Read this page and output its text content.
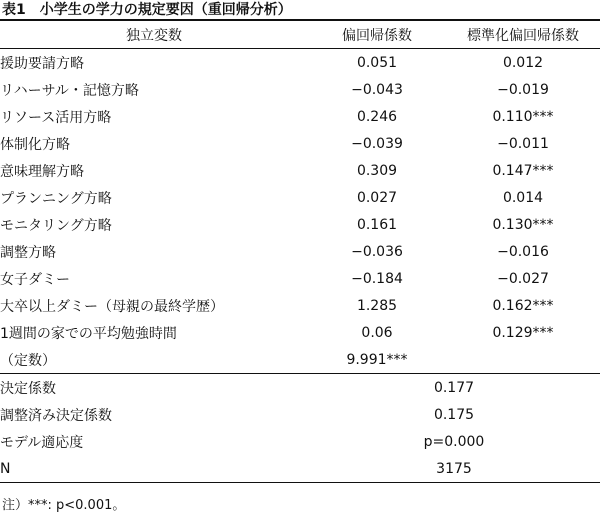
表1　小学生の学力の規定要因（重回帰分析）
独立変数	偏回帰係数	標準化偏回帰係数
援助要請方略	0.051	0.012
リハーサル・記憶方略	−0.043	−0.019
リソース活用方略	0.246	0.110***
体制化方略	−0.039	−0.011
意味理解方略	0.309	0.147***
プランニング方略	0.027	0.014
モニタリング方略	0.161	0.130***
調整方略	−0.036	−0.016
女子ダミー	−0.184	−0.027
大卒以上ダミー（母親の最終学歴）	1.285	0.162***
1週間の家での平均勉強時間	0.06	0.129***
（定数）	9.991***	
決定係数	0.177	
調整済み決定係数	0.175	
モデル適応度	p=0.000	
N	3175	
注）***: p<0.001。
